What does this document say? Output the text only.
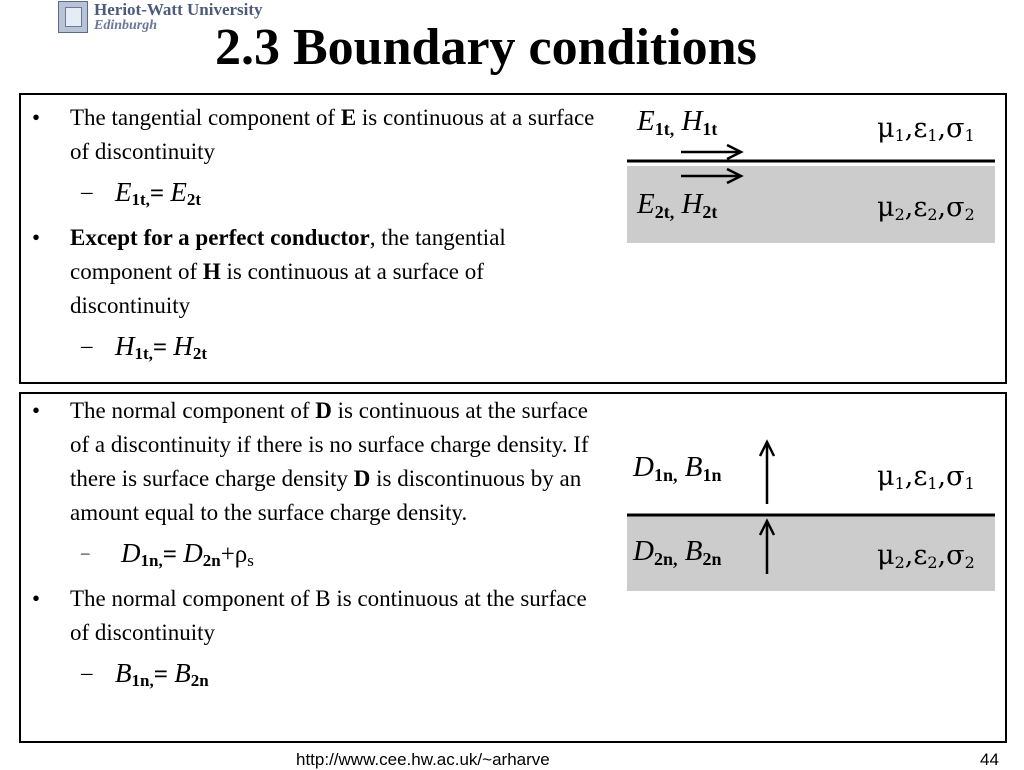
Heriot-Watt University
Edinburgh	2.3 Boundary conditions
• The tangential component of E is continuous at a surface of discontinuity
– $E_{1t,}= E_{2t}$
• Except for a perfect conductor, the tangential component of H is continuous at a surface of discontinuity
– $H_{1t,}= H_{2t}$
$E_{1t,}$ $H_{1t}$	$\mu_1,\varepsilon_1,\sigma_1$
$E_{2t,}$ $H_{2t}$	$\mu_2,\varepsilon_2,\sigma_2$
• The normal component of D is continuous at the surface of a discontinuity if there is no surface charge density. If there is surface charge density D is discontinuous by an amount equal to the surface charge density.
– $D_{1n,}= D_{2n}+\rho_s$
• The normal component of B is continuous at the surface of discontinuity
– $B_{1n,}= B_{2n}$
$D_{1n,}$ $B_{1n}$	$\mu_1,\varepsilon_1,\sigma_1$
$D_{2n,}$ $B_{2n}$	$\mu_2,\varepsilon_2,\sigma_2$
http://www.cee.hw.ac.uk/~arharve	44
